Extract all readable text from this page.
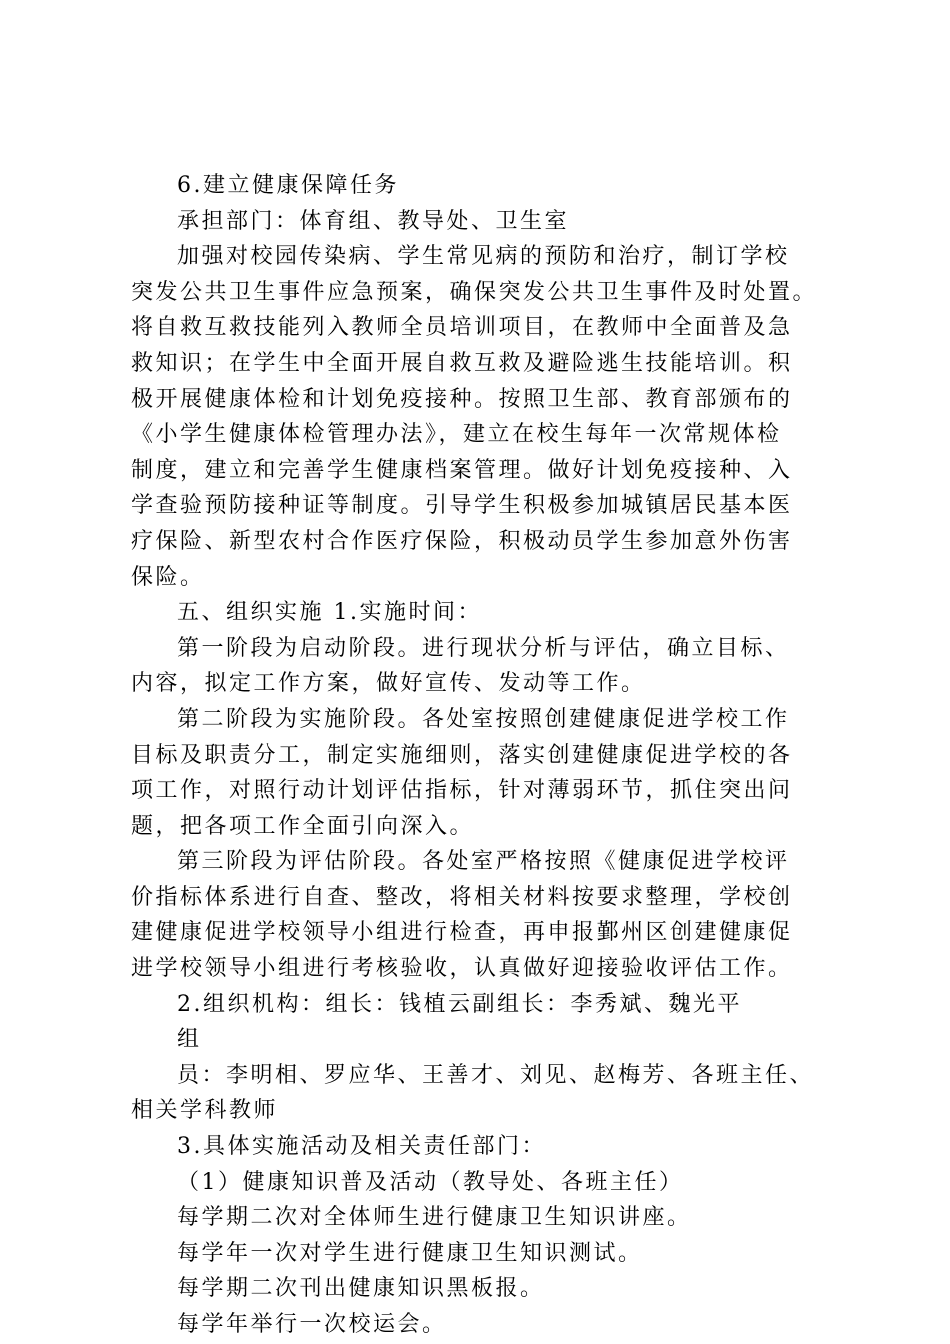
6.建立健康保障任务
承担部门：体育组、教导处、卫生室
加强对校园传染病、学生常见病的预防和治疗，制订学校
突发公共卫生事件应急预案，确保突发公共卫生事件及时处置。
将自救互救技能列入教师全员培训项目，在教师中全面普及急
救知识；在学生中全面开展自救互救及避险逃生技能培训。积
极开展健康体检和计划免疫接种。按照卫生部、教育部颁布的
《小学生健康体检管理办法》，建立在校生每年一次常规体检
制度，建立和完善学生健康档案管理。做好计划免疫接种、入
学查验预防接种证等制度。引导学生积极参加城镇居民基本医
疗保险、新型农村合作医疗保险，积极动员学生参加意外伤害
保险。
五、组织实施 1.实施时间：
第一阶段为启动阶段。进行现状分析与评估，确立目标、
内容，拟定工作方案，做好宣传、发动等工作。
第二阶段为实施阶段。各处室按照创建健康促进学校工作
目标及职责分工，制定实施细则，落实创建健康促进学校的各
项工作，对照行动计划评估指标，针对薄弱环节，抓住突出问
题，把各项工作全面引向深入。
第三阶段为评估阶段。各处室严格按照《健康促进学校评
价指标体系进行自查、整改，将相关材料按要求整理，学校创
建健康促进学校领导小组进行检查，再申报鄞州区创建健康促
进学校领导小组进行考核验收，认真做好迎接验收评估工作。
2.组织机构：组长：钱植云副组长：李秀斌、魏光平
组
员：李明相、罗应华、王善才、刘见、赵梅芳、各班主任、
相关学科教师
3.具体实施活动及相关责任部门：
（1）健康知识普及活动（教导处、各班主任）
每学期二次对全体师生进行健康卫生知识讲座。
每学年一次对学生进行健康卫生知识测试。
每学期二次刊出健康知识黑板报。
每学年举行一次校运会。
